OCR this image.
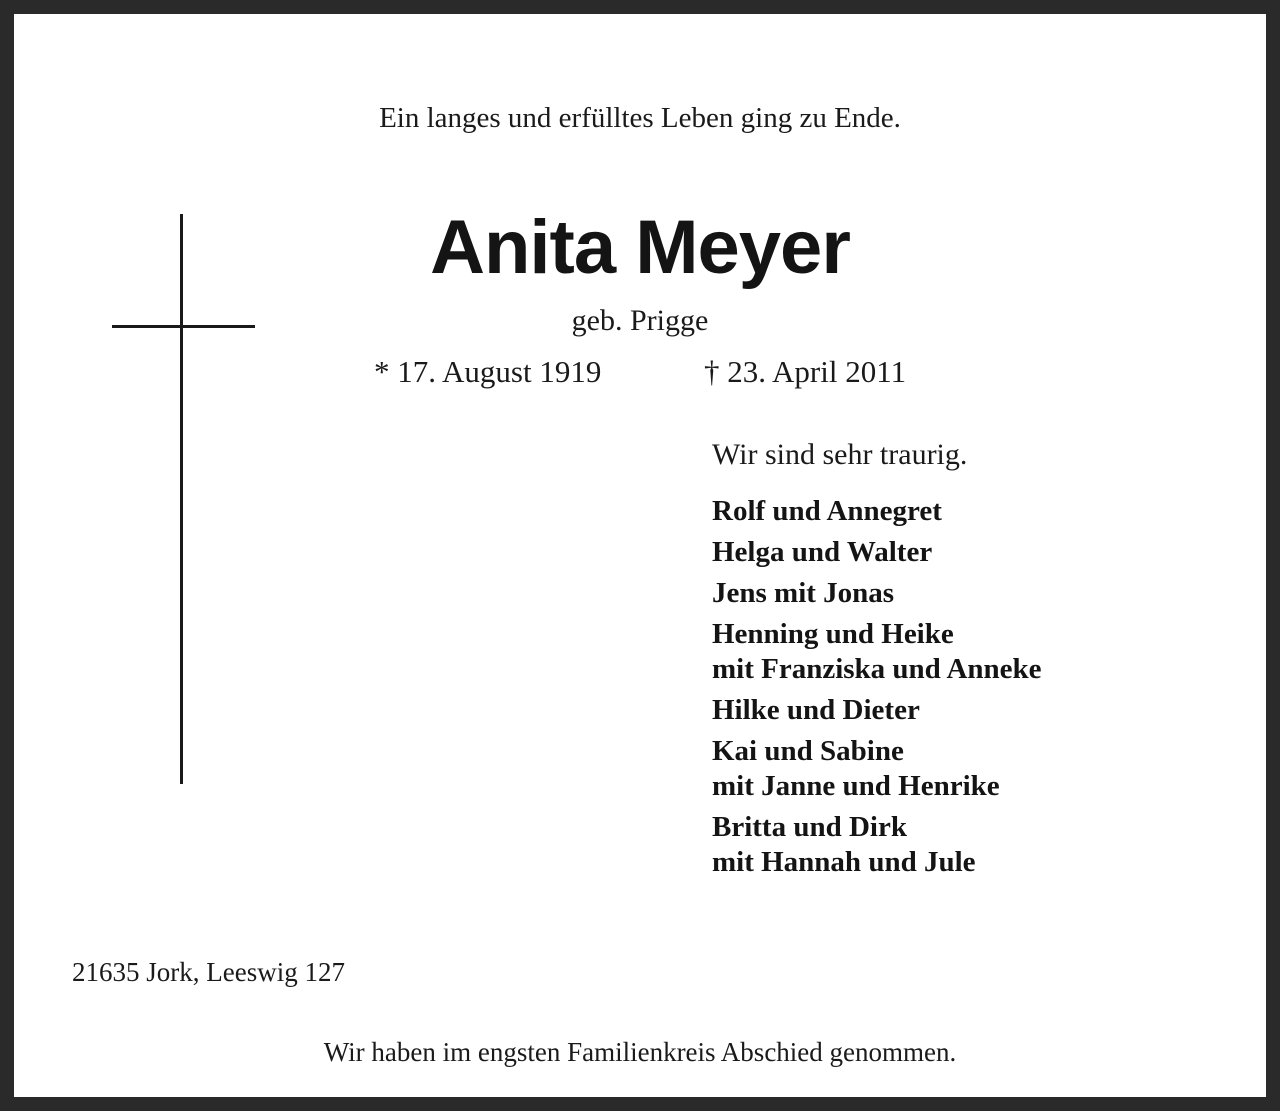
Ein langes und erfülltes Leben ging zu Ende.
Anita Meyer
geb. Prigge
* 17. August 1919	† 23. April 2011
Wir sind sehr traurig.
Rolf und Annegret
Helga und Walter
Jens mit Jonas
Henning und Heike
mit Franziska und Anneke
Hilke und Dieter
Kai und Sabine
mit Janne und Henrike
Britta und Dirk
mit Hannah und Jule
21635 Jork, Leeswig 127
Wir haben im engsten Familienkreis Abschied genommen.
